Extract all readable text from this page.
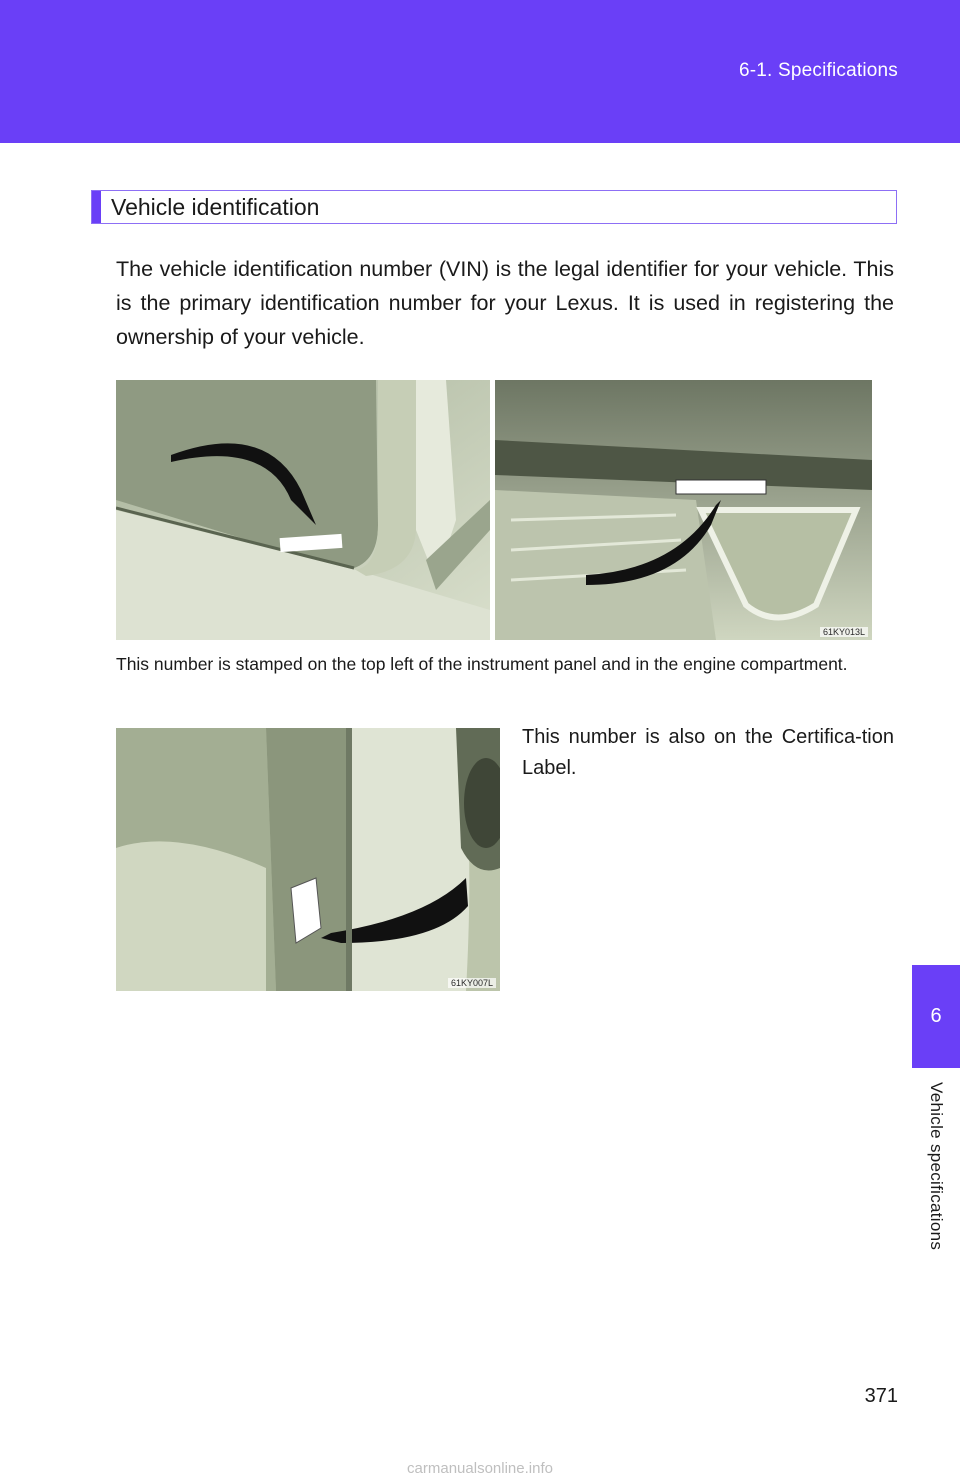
6-1. Specifications
Vehicle identification
The vehicle identification number (VIN) is the legal identifier for your vehicle. This is the primary identification number for your Lexus. It is used in registering the ownership of your vehicle.
61KY013L
This number is stamped on the top left of the instrument panel and in the engine compartment.
61KY007L
This number is also on the Certifica-tion Label.
6
Vehicle specifications
371
carmanualsonline.info
